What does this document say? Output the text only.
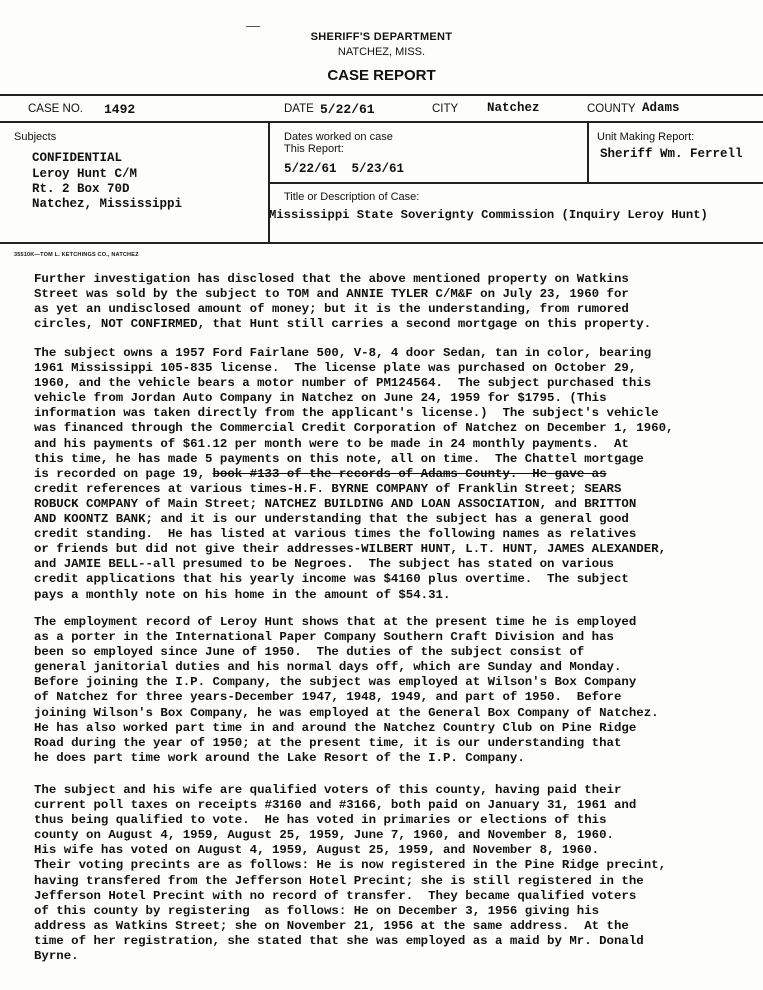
SHERIFF'S DEPARTMENT
NATCHEZ, MISS.
CASE REPORT
CASE NO. 1492	DATE 5/22/61	CITY Natchez	COUNTY Adams
Subjects
CONFIDENTIAL
Leroy Hunt C/M
Rt. 2 Box 70D
Natchez, Mississippi
Dates worked on case
This Report:
5/22/61  5/23/61
Unit Making Report:
Sheriff Wm. Ferrell
Title or Description of Case:
Mississippi State Soverignty Commission (Inquiry Leroy Hunt)
35510K—TOM L. KETCHINGS CO., NATCHEZ
Further investigation has disclosed that the above mentioned property on Watkins
Street was sold by the subject to TOM and ANNIE TYLER C/M&F on July 23, 1960 for
as yet an undisclosed amount of money; but it is the understanding, from rumored
circles, NOT CONFIRMED, that Hunt still carries a second mortgage on this property.
The subject owns a 1957 Ford Fairlane 500, V-8, 4 door Sedan, tan in color, bearing
1961 Mississippi 105-835 license.  The license plate was purchased on October 29,
1960, and the vehicle bears a motor number of PM124564.  The subject purchased this
vehicle from Jordan Auto Company in Natchez on June 24, 1959 for $1795. (This
information was taken directly from the applicant's license.)  The subject's vehicle
was financed through the Commercial Credit Corporation of Natchez on December 1, 1960,
and his payments of $61.12 per month were to be made in 24 monthly payments.  At
this time, he has made 5 payments on this note, all on time.  The Chattel mortgage
is recorded on page 19, book #133 of the records of Adams County.  He gave as
credit references at various times-H.F. BYRNE COMPANY of Franklin Street; SEARS
ROBUCK COMPANY of Main Street; NATCHEZ BUILDING AND LOAN ASSOCIATION, and BRITTON
AND KOONTZ BANK; and it is our understanding that the subject has a general good
credit standing.  He has listed at various times the following names as relatives
or friends but did not give their addresses-WILBERT HUNT, L.T. HUNT, JAMES ALEXANDER,
and JAMIE BELL--all presumed to be Negroes.  The subject has stated on various
credit applications that his yearly income was $4160 plus overtime.  The subject
pays a monthly note on his home in the amount of $54.31.
The employment record of Leroy Hunt shows that at the present time he is employed
as a porter in the International Paper Company Southern Craft Division and has
been so employed since June of 1950.  The duties of the subject consist of
general janitorial duties and his normal days off, which are Sunday and Monday.
Before joining the I.P. Company, the subject was employed at Wilson's Box Company
of Natchez for three years-December 1947, 1948, 1949, and part of 1950.  Before
joining Wilson's Box Company, he was employed at the General Box Company of Natchez.
He has also worked part time in and around the Natchez Country Club on Pine Ridge
Road during the year of 1950; at the present time, it is our understanding that
he does part time work around the Lake Resort of the I.P. Company.
The subject and his wife are qualified voters of this county, having paid their
current poll taxes on receipts #3160 and #3166, both paid on January 31, 1961 and
thus being qualified to vote.  He has voted in primaries or elections of this
county on August 4, 1959, August 25, 1959, June 7, 1960, and November 8, 1960.
His wife has voted on August 4, 1959, August 25, 1959, and November 8, 1960.
Their voting precints are as follows: He is now registered in the Pine Ridge precint,
having transfered from the Jefferson Hotel Precint; she is still registered in the
Jefferson Hotel Precint with no record of transfer.  They became qualified voters
of this county by registering  as follows: He on December 3, 1956 giving his
address as Watkins Street; she on November 21, 1956 at the same address.  At the
time of her registration, she stated that she was employed as a maid by Mr. Donald
Byrne.
